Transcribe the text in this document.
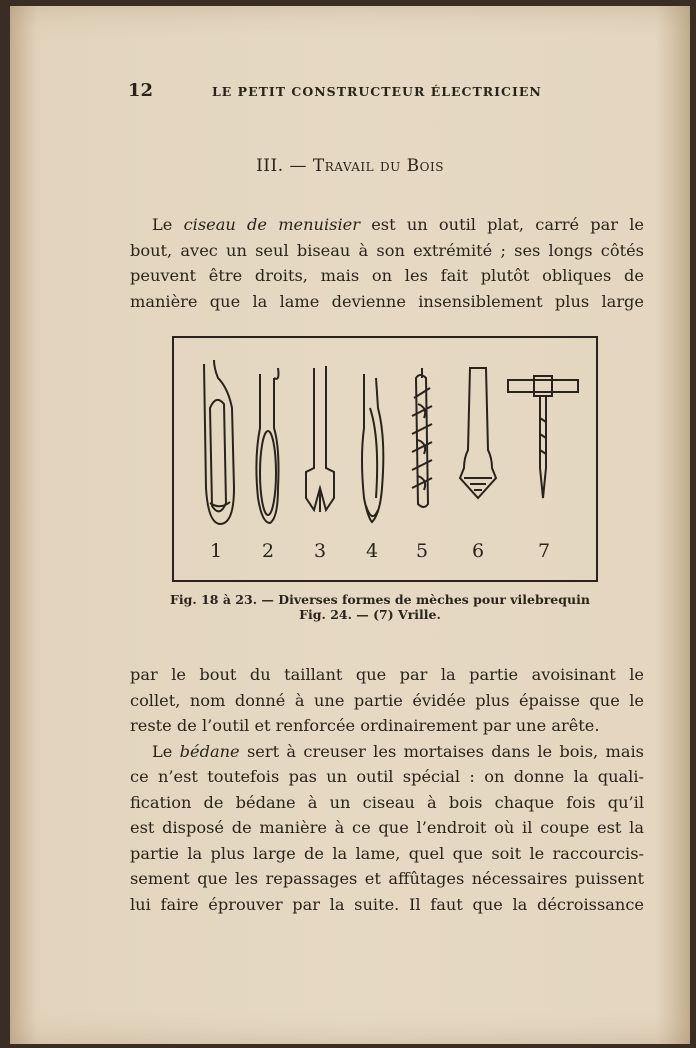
12	LE PETIT CONSTRUCTEUR ÉLECTRICIEN
III. — Travail du Bois
Le ciseau de menuisier est un outil plat, carré par le
bout, avec un seul biseau à son extrémité ; ses longs côtés
peuvent être droits, mais on les fait plutôt obliques de
manière que la lame devienne insensiblement plus large
1 2 3 4 5 6	7
Fig. 18 à 23. — Diverses formes de mèches pour vilebrequin
Fig. 24. — (7) Vrille.
par le bout du taillant que par la partie avoisinant le
collet, nom donné à une partie évidée plus épaisse que le
reste de l’outil et renforcée ordinairement par une arête.
Le bédane sert à creuser les mortaises dans le bois, mais
ce n’est toutefois pas un outil spécial : on donne la quali-
fication de bédane à un ciseau à bois chaque fois qu’il
est disposé de manière à ce que l’endroit où il coupe est la
partie la plus large de la lame, quel que soit le raccourcis-
sement que les repassages et affûtages nécessaires puissent
lui faire éprouver par la suite. Il faut que la décroissance
